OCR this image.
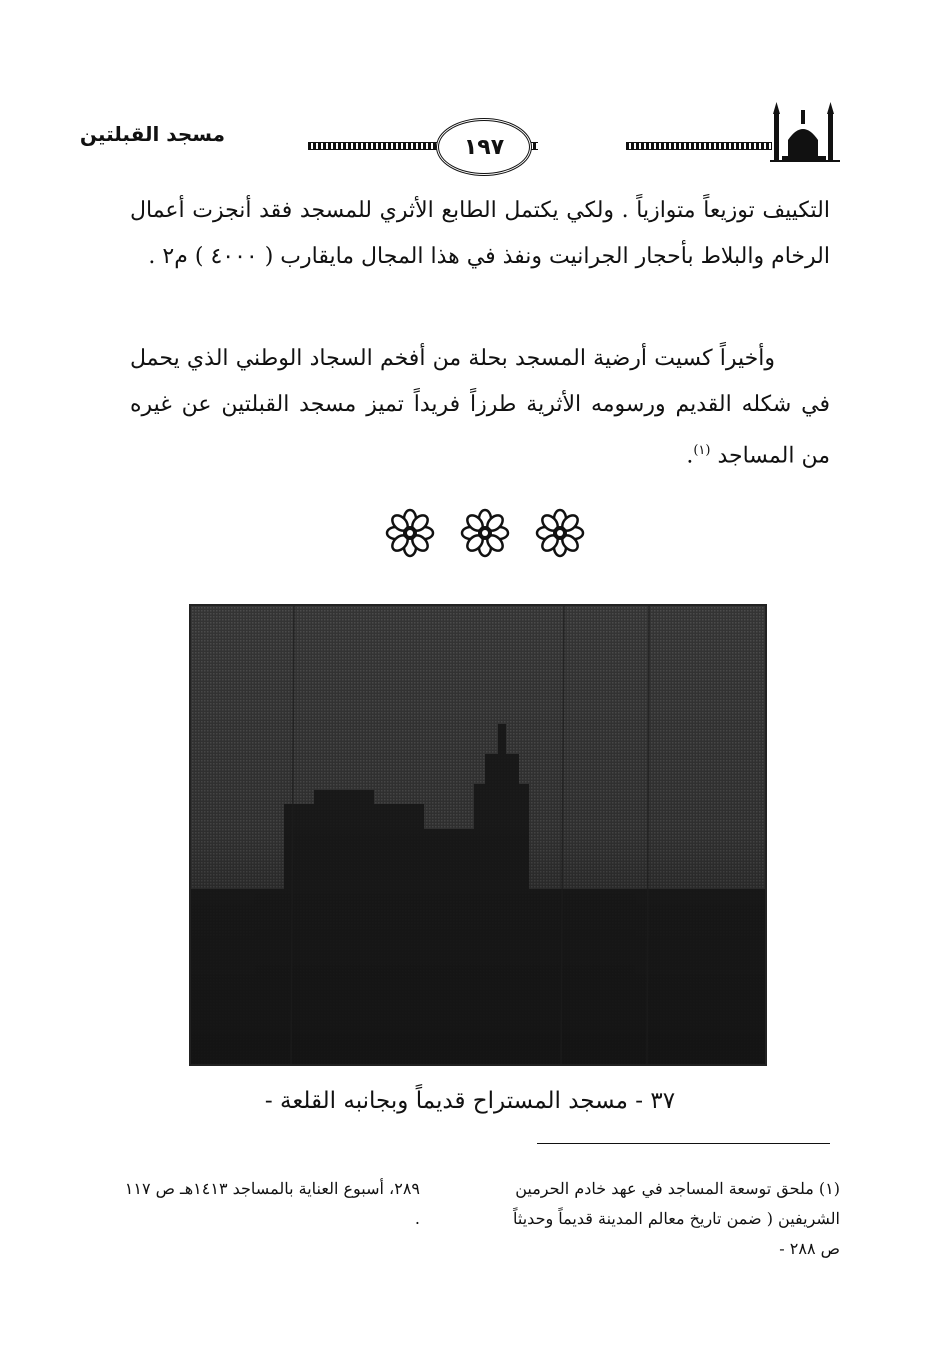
مسجد القبلتين
١٩٧

التكييف توزيعاً متوازياً . ولكي يكتمل الطابع الأثري للمسجد فقد أنجزت أعمال الرخام والبلاط بأحجار الجرانيت ونفذ في هذا المجال مايقارب ( ٤٠٠٠ ) م٢ .

وأخيراً كسيت أرضية المسجد بحلة من أفخم السجاد الوطني الذي يحمل في شكله القديم ورسومه الأثرية طرزاً فريداً تميز مسجد القبلتين عن غيره من المساجد $^{(١)}$.

٣٧ - مسجد المستراح قديماً وبجانبه القلعة -

(١) ملحق توسعة المساجد في عهد خادم الحرمين الشريفين ( ضمن تاريخ معالم المدينة قديماً وحديثاً ص ٢٨٨ -

٢٨٩، أسبوع العناية بالمساجد ١٤١٣هـ ص ١١٧ .
